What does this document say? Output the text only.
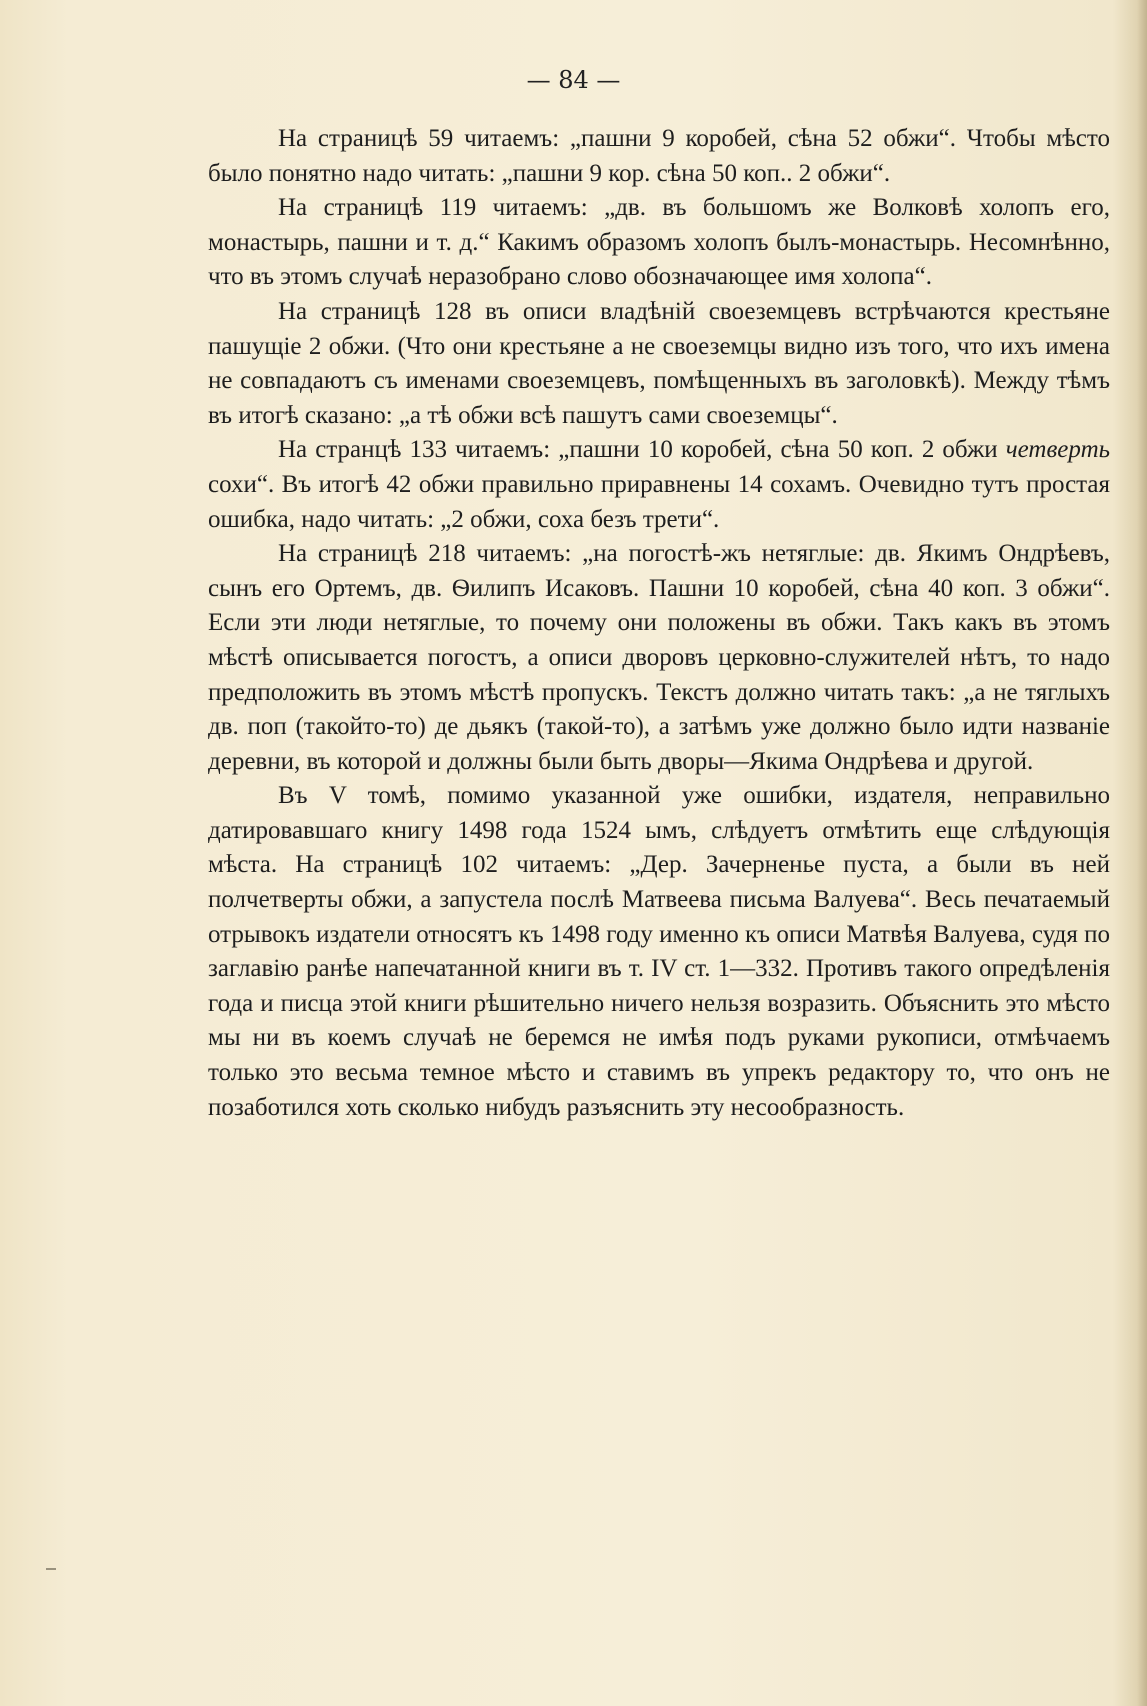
— 84 —

На страницѣ 59 читаемъ: „пашни 9 коробей, сѣна 52 обжи“. Чтобы мѣсто было понятно надо читать: „пашни 9 кор. сѣна 50 коп.. 2 обжи“.

На страницѣ 119 читаемъ: „дв. въ большомъ же Волковѣ холопъ его, монастырь, пашни и т. д.“ Какимъ образомъ холопъ былъ-монастырь. Несомнѣнно, что въ этомъ случаѣ неразобрано слово обозначающее имя холопа“.

На страницѣ 128 въ описи владѣній своеземцевъ встрѣчаются крестьяне пашущіе 2 обжи. (Что они крестьяне а не своеземцы видно изъ того, что ихъ имена не совпадаютъ съ именами своеземцевъ, помѣщенныхъ въ заголовкѣ). Между тѣмъ въ итогѣ сказано: „а тѣ обжи всѣ пашутъ сами своеземцы“.

На странцѣ 133 читаемъ: „пашни 10 коробей, сѣна 50 коп. 2 обжи четверть сохи“. Въ итогѣ 42 обжи правильно приравнены 14 сохамъ. Очевидно тутъ простая ошибка, надо читать: „2 обжи, соха безъ трети“.

На страницѣ 218 читаемъ: „на погостѣ-жъ нетяглые: дв. Якимъ Ондрѣевъ, сынъ его Ортемъ, дв. Ѳилипъ Исаковъ. Пашни 10 коробей, сѣна 40 коп. 3 обжи“. Если эти люди нетяглые, то почему они положены въ обжи. Такъ какъ въ этомъ мѣстѣ описывается погостъ, а описи дворовъ церковно-служителей нѣтъ, то надо предположить въ этомъ мѣстѣ пропускъ. Текстъ должно читать такъ: „а не тяглыхъ дв. поп (такойто-то) де дьякъ (такой-то), а затѣмъ уже должно было идти названіе деревни, въ которой и должны были быть дворы—Якима Ондрѣева и другой.

Въ V томѣ, помимо указанной уже ошибки, издателя, неправильно датировавшаго книгу 1498 года 1524 ымъ, слѣдуетъ отмѣтить еще слѣдующія мѣста. На страницѣ 102 читаемъ: „Дер. Зачерненье пуста, а были въ ней полчетверты обжи, а запустела послѣ Матвеева письма Валуева“. Весь печатаемый отрывокъ издатели относятъ къ 1498 году именно къ описи Матвѣя Валуева, судя по заглавію ранѣе напечатанной книги въ т. IV ст. 1—332. Противъ такого опредѣленія года и писца этой книги рѣшительно ничего нельзя возразить. Объяснить это мѣсто мы ни въ коемъ случаѣ не беремся не имѣя подъ руками рукописи, отмѣчаемъ только это весьма темное мѣсто и ставимъ въ упрекъ редактору то, что онъ не позаботился хоть сколько нибудъ разъяснить эту несообразность.
